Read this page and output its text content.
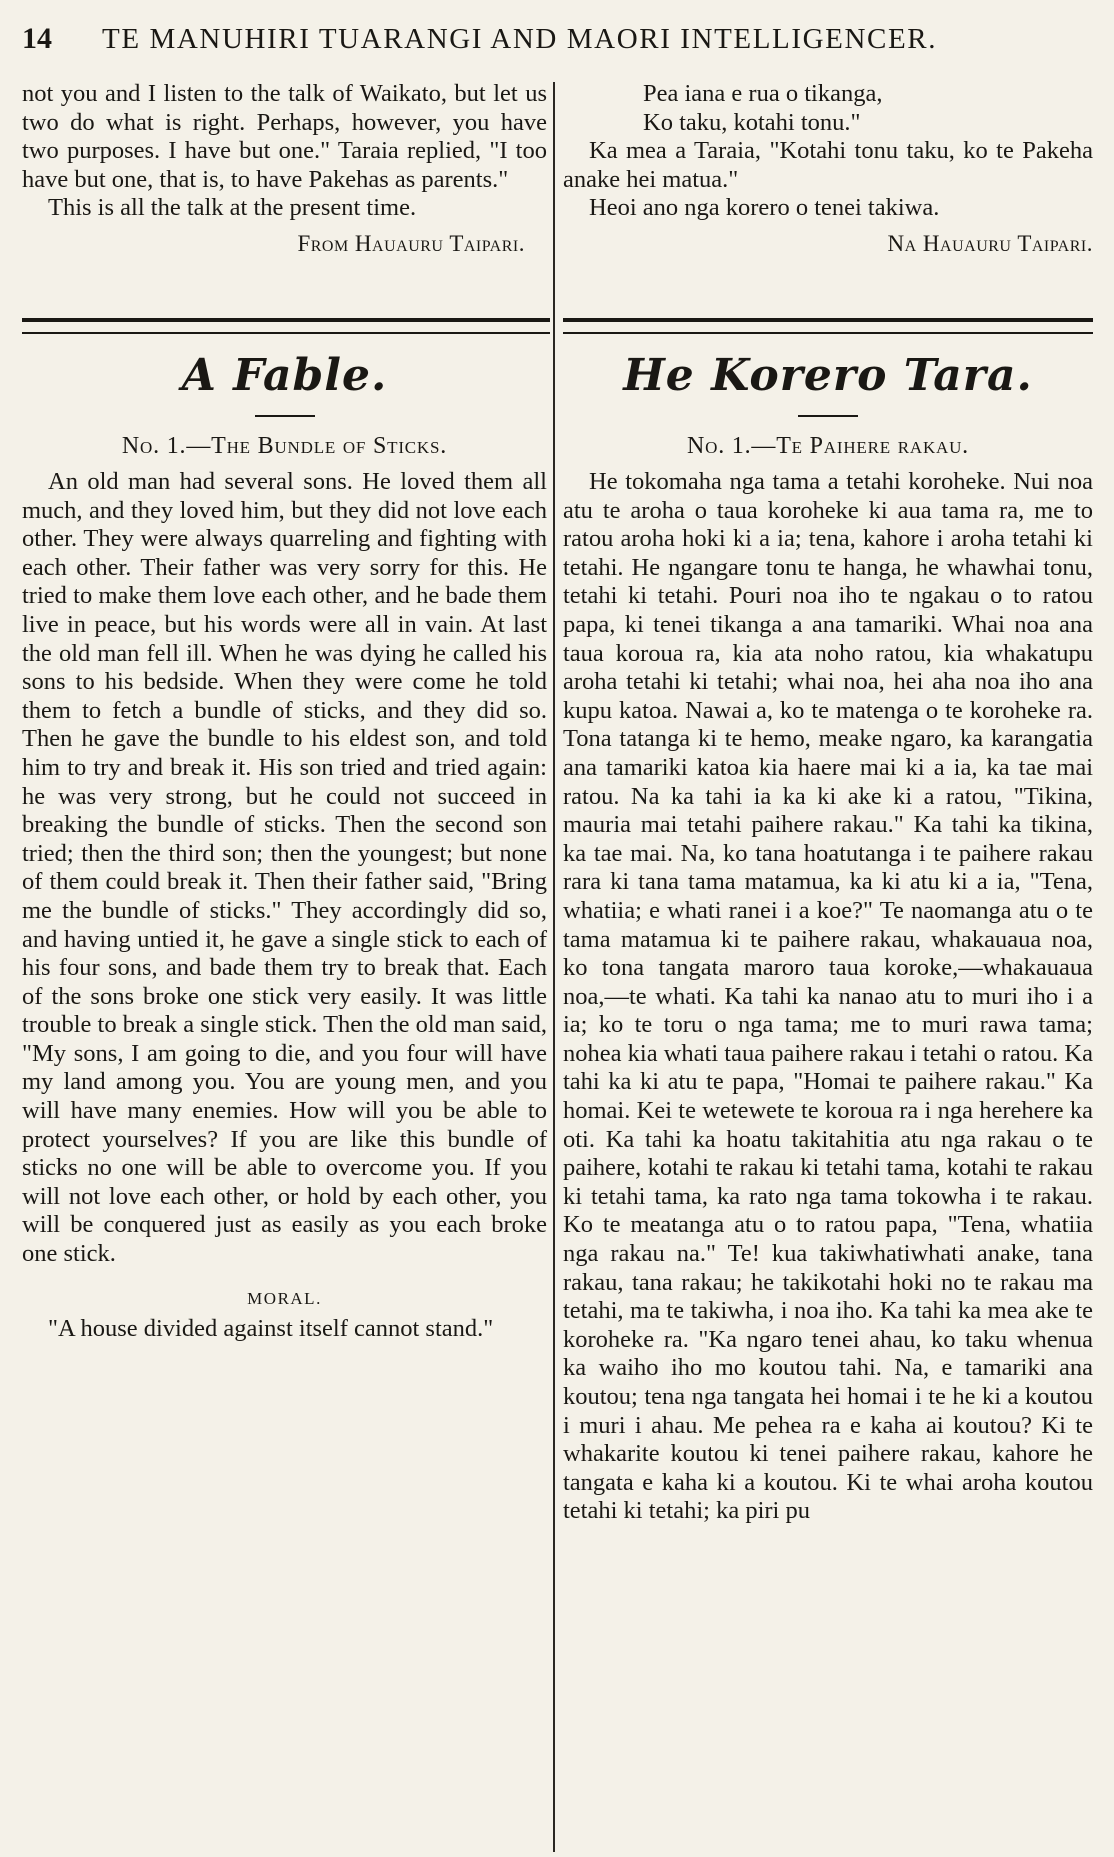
14	TE MANUHIRI TUARANGI AND MAORI INTELLIGENCER.

not you and I listen to the talk of Waikato, but let us two do what is right. Perhaps, however, you have two purposes. I have but one." Taraia replied, "I too have but one, that is, to have Pakehas as parents."

This is all the talk at the present time.

From Hauauru Taipari.

Pea iana e rua o tikanga,

Ko taku, kotahi tonu."

Ka mea a Taraia, "Kotahi tonu taku, ko te Pakeha anake hei matua."

Heoi ano nga korero o tenei takiwa.

Na Hauauru Taipari.

A Fable.

No. 1.—The Bundle of Sticks.

An old man had several sons. He loved them all much, and they loved him, but they did not love each other. They were always quarreling and fighting with each other. Their father was very sorry for this. He tried to make them love each other, and he bade them live in peace, but his words were all in vain. At last the old man fell ill. When he was dying he called his sons to his bedside. When they were come he told them to fetch a bundle of sticks, and they did so. Then he gave the bundle to his eldest son, and told him to try and break it. His son tried and tried again: he was very strong, but he could not succeed in breaking the bundle of sticks. Then the second son tried; then the third son; then the youngest; but none of them could break it. Then their father said, "Bring me the bundle of sticks." They accordingly did so, and having untied it, he gave a single stick to each of his four sons, and bade them try to break that. Each of the sons broke one stick very easily. It was little trouble to break a single stick. Then the old man said, "My sons, I am going to die, and you four will have my land among you. You are young men, and you will have many enemies. How will you be able to protect yourselves? If you are like this bundle of sticks no one will be able to overcome you. If you will not love each other, or hold by each other, you will be conquered just as easily as you each broke one stick.

MORAL.

"A house divided against itself cannot stand."

He Korero Tara.

No. 1.—Te Paihere rakau.

He tokomaha nga tama a tetahi koroheke. Nui noa atu te aroha o taua koroheke ki aua tama ra, me to ratou aroha hoki ki a ia; tena, kahore i aroha tetahi ki tetahi. He ngangare tonu te hanga, he whawhai tonu, tetahi ki tetahi. Pouri noa iho te ngakau o to ratou papa, ki tenei tikanga a ana tamariki. Whai noa ana taua koroua ra, kia ata noho ratou, kia whakatupu aroha tetahi ki tetahi; whai noa, hei aha noa iho ana kupu katoa. Nawai a, ko te matenga o te koroheke ra. Tona tatanga ki te hemo, meake ngaro, ka karangatia ana tamariki katoa kia haere mai ki a ia, ka tae mai ratou. Na ka tahi ia ka ki ake ki a ratou, "Tikina, mauria mai tetahi paihere rakau." Ka tahi ka tikina, ka tae mai. Na, ko tana hoatutanga i te paihere rakau rara ki tana tama matamua, ka ki atu ki a ia, "Tena, whatiia; e whati ranei i a koe?" Te naomanga atu o te tama matamua ki te paihere rakau, whakauaua noa, ko tona tangata maroro taua koroke,—whakauaua noa,—te whati. Ka tahi ka nanao atu to muri iho i a ia; ko te toru o nga tama; me to muri rawa tama; nohea kia whati taua paihere rakau i tetahi o ratou. Ka tahi ka ki atu te papa, "Homai te paihere rakau." Ka homai. Kei te wetewete te koroua ra i nga herehere ka oti. Ka tahi ka hoatu takitahitia atu nga rakau o te paihere, kotahi te rakau ki tetahi tama, kotahi te rakau ki tetahi tama, ka rato nga tama tokowha i te rakau. Ko te meatanga atu o to ratou papa, "Tena, whatiia nga rakau na." Te! kua takiwhatiwhati anake, tana rakau, tana rakau; he takikotahi hoki no te rakau ma tetahi, ma te takiwha, i noa iho. Ka tahi ka mea ake te koroheke ra. "Ka ngaro tenei ahau, ko taku whenua ka waiho iho mo koutou tahi. Na, e tamariki ana koutou; tena nga tangata hei homai i te he ki a koutou i muri i ahau. Me pehea ra e kaha ai koutou? Ki te whakarite koutou ki tenei paihere rakau, kahore he tangata e kaha ki a koutou. Ki te whai aroha koutou tetahi ki tetahi; ka piri pu
